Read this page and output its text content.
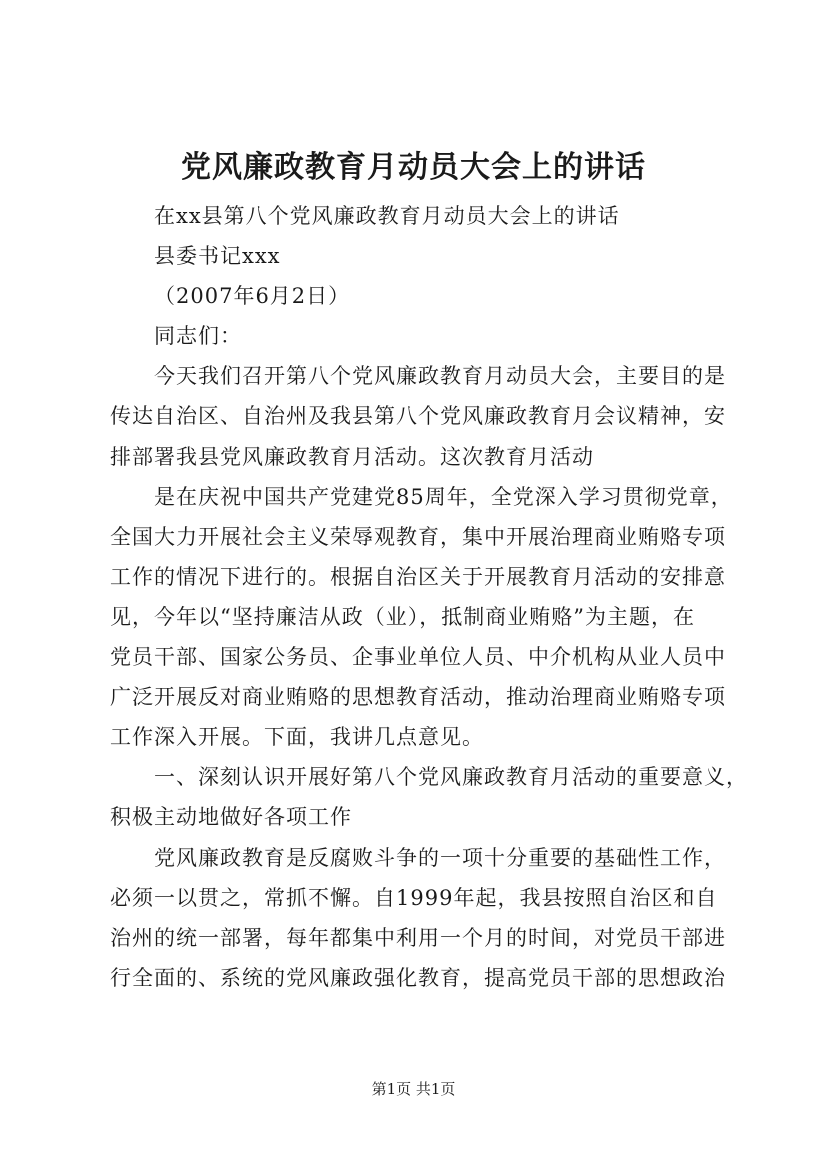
党风廉政教育月动员大会上的讲话

在xx县第八个党风廉政教育月动员大会上的讲话

县委书记xxx

（2007年6月2日）

同志们：

今天我们召开第八个党风廉政教育月动员大会，主要目的是
传达自治区、自治州及我县第八个党风廉政教育月会议精神，安
排部署我县党风廉政教育月活动。这次教育月活动

是在庆祝中国共产党建党85周年，全党深入学习贯彻党章，
全国大力开展社会主义荣辱观教育，集中开展治理商业贿赂专项
工作的情况下进行的。根据自治区关于开展教育月活动的安排意
见，今年以“坚持廉洁从政（业），抵制商业贿赂”为主题，在
党员干部、国家公务员、企事业单位人员、中介机构从业人员中
广泛开展反对商业贿赂的思想教育活动，推动治理商业贿赂专项
工作深入开展。下面，我讲几点意见。

一、深刻认识开展好第八个党风廉政教育月活动的重要意义，
积极主动地做好各项工作

党风廉政教育是反腐败斗争的一项十分重要的基础性工作，
必须一以贯之，常抓不懈。自1999年起，我县按照自治区和自
治州的统一部署，每年都集中利用一个月的时间，对党员干部进
行全面的、系统的党风廉政强化教育，提高党员干部的思想政治

第1页 共1页
